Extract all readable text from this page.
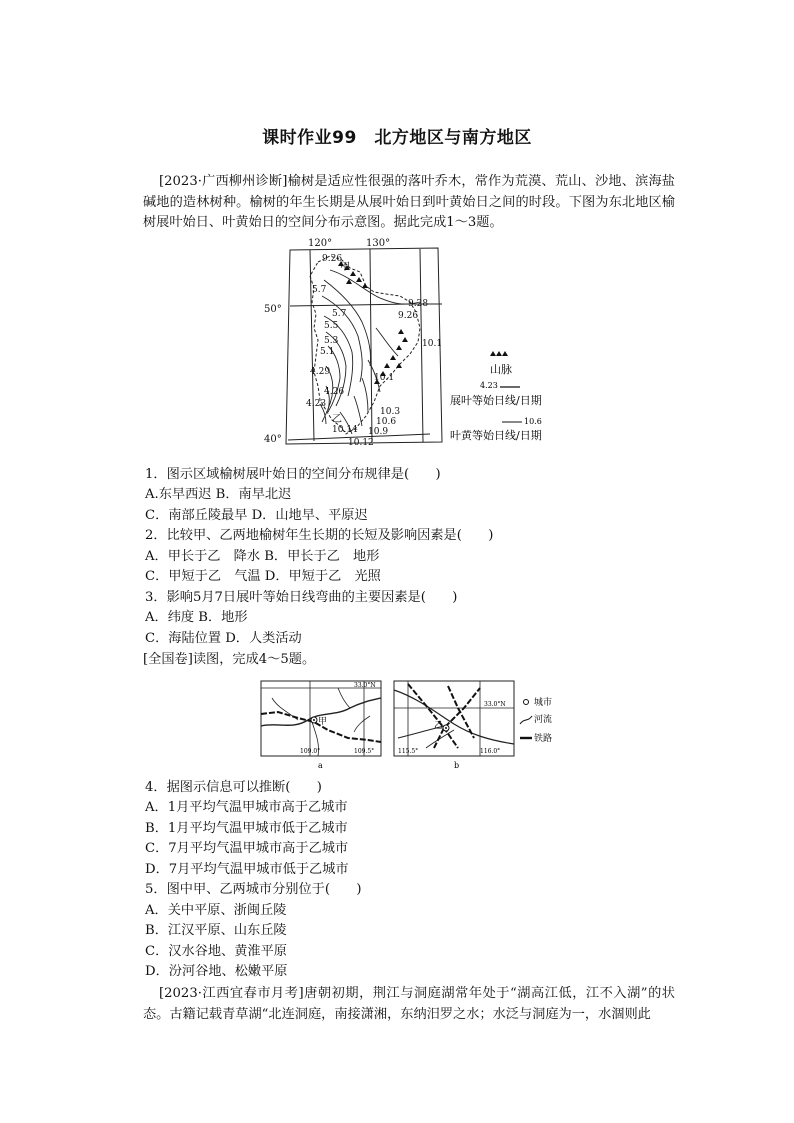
课时作业99　北方地区与南方地区

[2023·广西柳州诊断]榆树是适应性很强的落叶乔木，常作为荒漠、荒山、沙地、滨海盐碱地的造林树种。榆树的年生长期是从展叶始日到叶黄始日之间的时段。下图为东北地区榆树展叶始日、叶黄始日的空间分布示意图。据此完成1～3题。

120°	130°
50°
40°
甲
乙
5.7
5.7
5.5
5.3
5.1
4.29
4.26
4.23
9.26
9.28
9.26
10.1
10.1
10.3
10.6
10.9
10.12
10.14
山脉
4.23
展叶等始日线/日期
10.6
叶黄等始日线/日期
1．图示区域榆树展叶始日的空间分布规律是(　　)
A.东早西迟 B．南早北迟
C．南部丘陵最早 D．山地早、平原迟
2．比较甲、乙两地榆树年生长期的长短及影响因素是(　　)
A．甲长于乙　降水 B．甲长于乙　地形
C．甲短于乙　气温 D．甲短于乙　光照
3．影响5月7日展叶等始日线弯曲的主要因素是(　　)
A．纬度 B．地形
C．海陆位置 D．人类活动
[全国卷]读图，完成4～5题。
甲
33.0°N
109.0°	109.5°
a
乙
33.0°N
115.5°	116.0°
b
城市
河流
铁路
4．据图示信息可以推断(　　)
A．1月平均气温甲城市高于乙城市
B．1月平均气温甲城市低于乙城市
C．7月平均气温甲城市高于乙城市
D．7月平均气温甲城市低于乙城市
5．图中甲、乙两城市分别位于(　　)
A．关中平原、浙闽丘陵
B．江汉平原、山东丘陵
C．汉水谷地、黄淮平原
D．汾河谷地、松嫩平原

[2023·江西宜春市月考]唐朝初期，荆江与洞庭湖常年处于“湖高江低，江不入湖”的状态。古籍记载青草湖“北连洞庭，南接潇湘，东纳汨罗之水；水泛与洞庭为一，水涸则此
